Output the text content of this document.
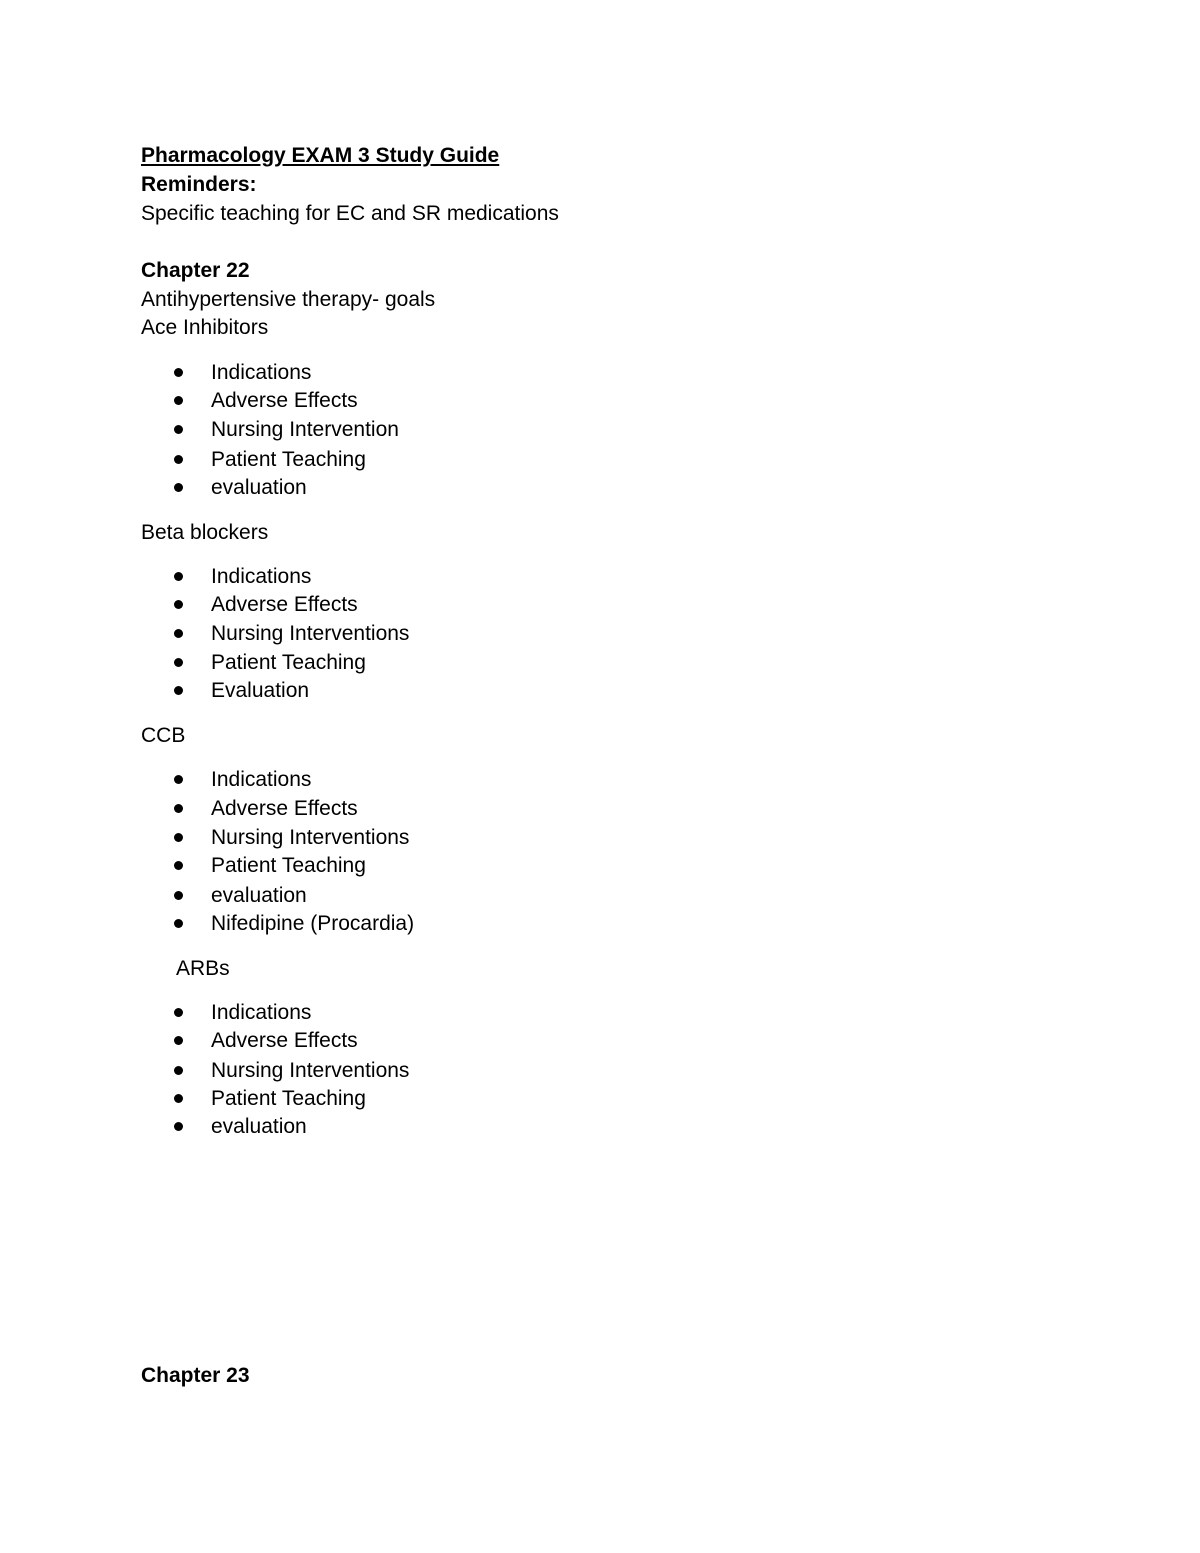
Pharmacology EXAM 3 Study Guide
Reminders:
Specific teaching for EC and SR medications
Chapter 22
Antihypertensive therapy- goals
Ace Inhibitors
Indications
Adverse Effects
Nursing Intervention
Patient Teaching
evaluation
Beta blockers
Indications
Adverse Effects
Nursing Interventions
Patient Teaching
Evaluation
CCB
Indications
Adverse Effects
Nursing Interventions
Patient Teaching
evaluation
Nifedipine (Procardia)
ARBs
Indications
Adverse Effects
Nursing Interventions
Patient Teaching
evaluation
Chapter 23
